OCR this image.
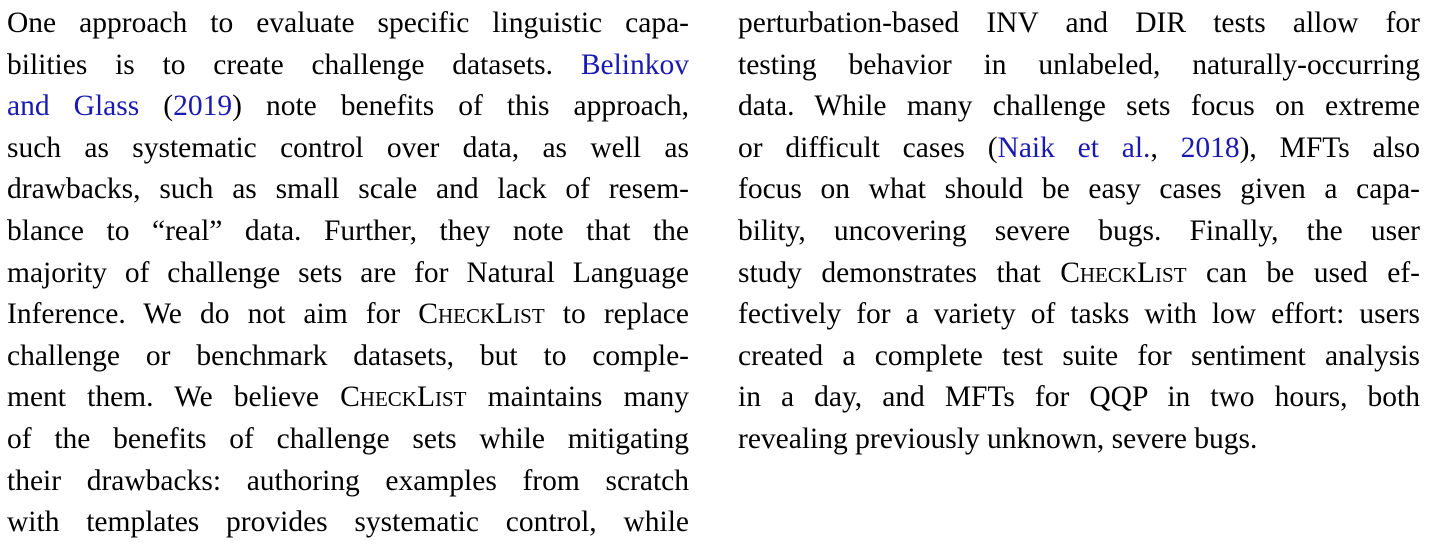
One approach to evaluate specific linguistic capa-
bilities is to create challenge datasets. Belinkov
and Glass (2019) note benefits of this approach,
such as systematic control over data, as well as
drawbacks, such as small scale and lack of resem-
blance to “real” data. Further, they note that the
majority of challenge sets are for Natural Language
Inference. We do not aim for CheckList to replace
challenge or benchmark datasets, but to comple-
ment them. We believe CheckList maintains many
of the benefits of challenge sets while mitigating
their drawbacks: authoring examples from scratch
with templates provides systematic control, while
perturbation-based INV and DIR tests allow for
testing behavior in unlabeled, naturally-occurring
data. While many challenge sets focus on extreme
or difficult cases (Naik et al., 2018), MFTs also
focus on what should be easy cases given a capa-
bility, uncovering severe bugs. Finally, the user
study demonstrates that CheckList can be used ef-
fectively for a variety of tasks with low effort: users
created a complete test suite for sentiment analysis
in a day, and MFTs for QQP in two hours, both
revealing previously unknown, severe bugs.
